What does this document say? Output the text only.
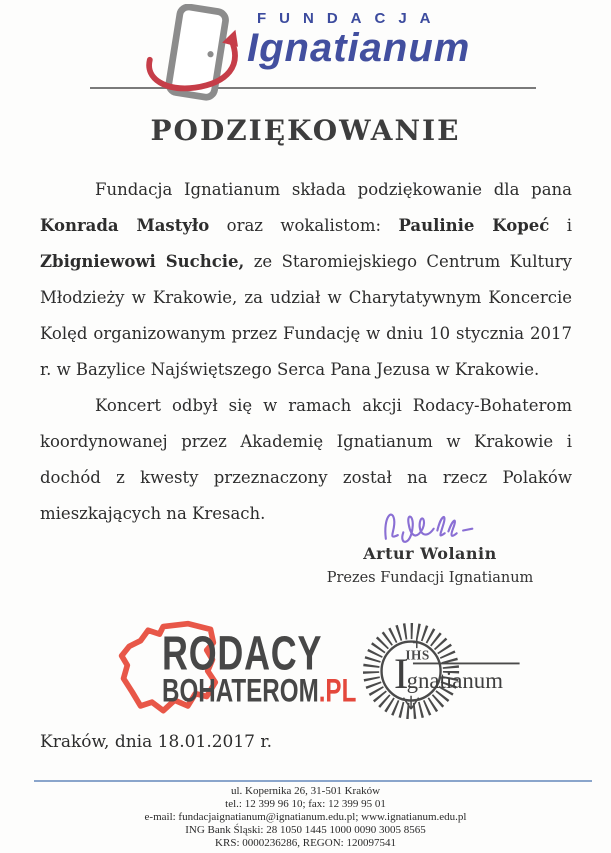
FUNDACJA
Ignatianum
PODZIĘKOWANIE

Fundacja Ignatianum składa podziękowanie dla pana Konrada Mastyło oraz wokalistom: Paulinie Kopeć i Zbigniewowi Suchcie, ze Staromiejskiego Centrum Kultury Młodzieży w Krakowie, za udział w Charytatywnym Koncercie Kolęd organizowanym przez Fundację w dniu 10 stycznia 2017 r. w Bazylice Najświętszego Serca Pana Jezusa w Krakowie.

Koncert odbył się w ramach akcji Rodacy-Bohaterom koordynowanej przez Akademię Ignatianum w Krakowie i dochód z kwesty przeznaczony został na rzecz Polaków mieszkających na Kresach.

Artur Wolanin
Prezes Fundacji Ignatianum
RODACY
BOHATEROM.PL
IHS
Ignatianum
Kraków, dnia 18.01.2017 r.
ul. Kopernika 26, 31-501 Kraków
tel.: 12 399 96 10; fax: 12 399 95 01
e-mail: fundacjaignatianum@ignatianum.edu.pl; www.ignatianum.edu.pl
ING Bank Śląski: 28 1050 1445 1000 0090 3005 8565
KRS: 0000236286, REGON: 120097541
